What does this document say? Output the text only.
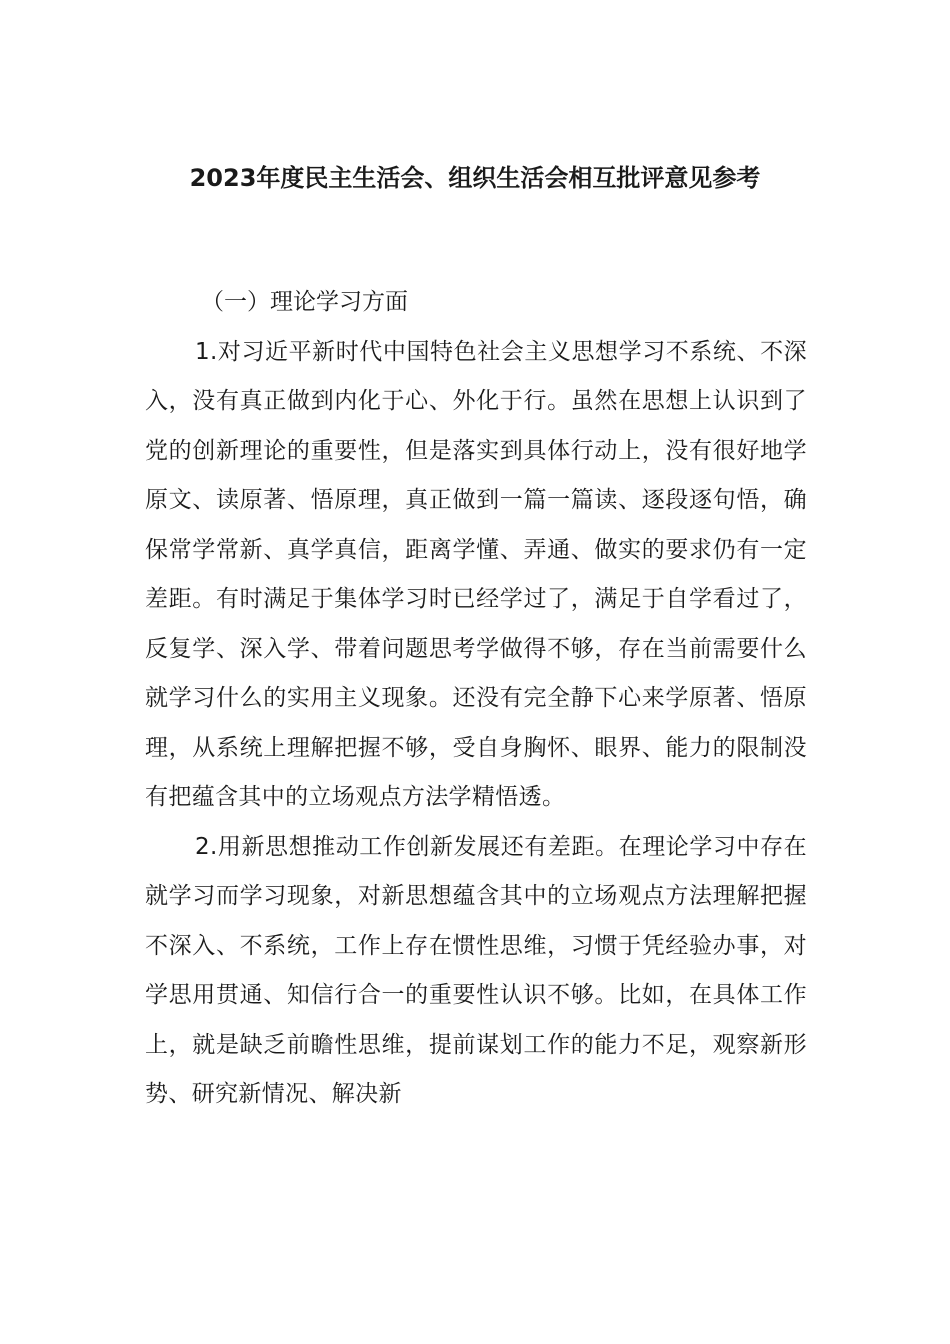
2023年度民主生活会、组织生活会相互批评意见参考

（一）理论学习方面

1.对习近平新时代中国特色社会主义思想学习不系统、不深入，没有真正做到内化于心、外化于行。虽然在思想上认识到了党的创新理论的重要性，但是落实到具体行动上，没有很好地学原文、读原著、悟原理，真正做到一篇一篇读、逐段逐句悟，确保常学常新、真学真信，距离学懂、弄通、做实的要求仍有一定差距。有时满足于集体学习时已经学过了，满足于自学看过了，反复学、深入学、带着问题思考学做得不够，存在当前需要什么就学习什么的实用主义现象。还没有完全静下心来学原著、悟原理，从系统上理解把握不够，受自身胸怀、眼界、能力的限制没有把蕴含其中的立场观点方法学精悟透。

2.用新思想推动工作创新发展还有差距。在理论学习中存在就学习而学习现象，对新思想蕴含其中的立场观点方法理解把握不深入、不系统，工作上存在惯性思维，习惯于凭经验办事，对学思用贯通、知信行合一的重要性认识不够。比如，在具体工作上，就是缺乏前瞻性思维，提前谋划工作的能力不足，观察新形势、研究新情况、解决新
